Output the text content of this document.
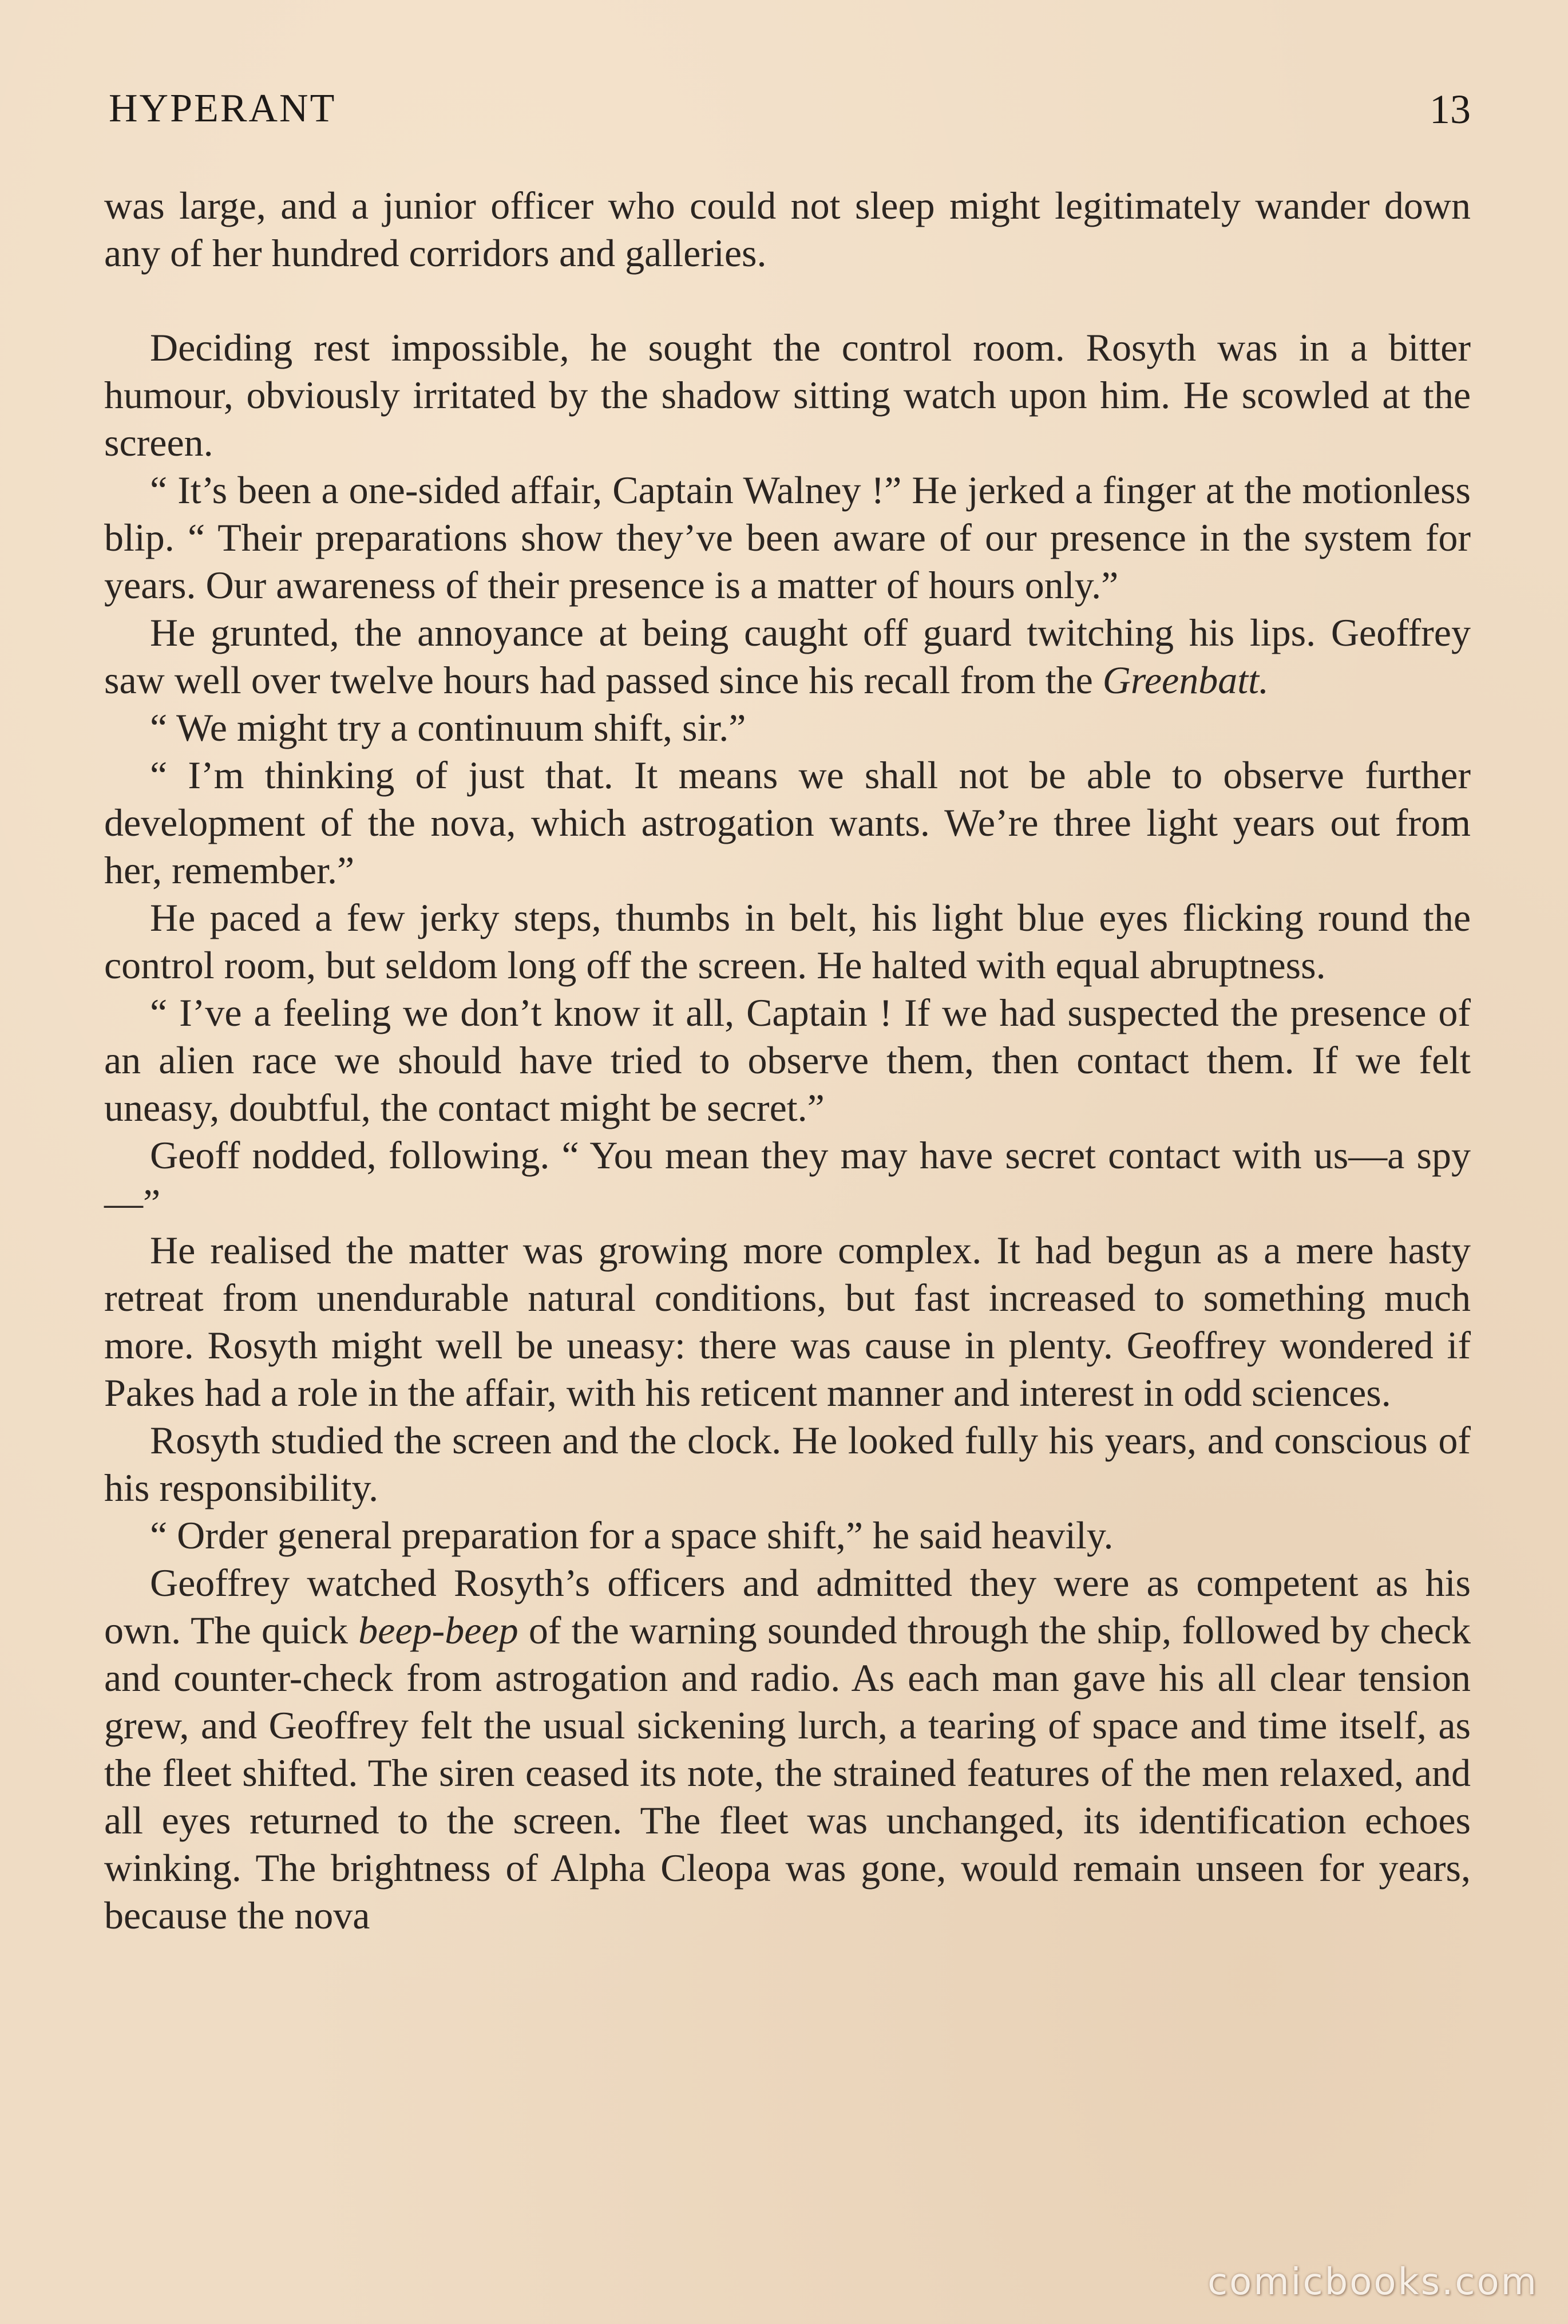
HYPERANT	13

was large, and a junior officer who could not sleep might legitimately wander down any of her hundred corridors and galleries.

Deciding rest impossible, he sought the control room. Rosyth was in a bitter humour, obviously irritated by the shadow sitting watch upon him. He scowled at the screen.

“ It’s been a one-sided affair, Captain Walney !” He jerked a finger at the motionless blip. “ Their preparations show they’ve been aware of our presence in the system for years. Our awareness of their presence is a matter of hours only.”

He grunted, the annoyance at being caught off guard twitching his lips. Geoffrey saw well over twelve hours had passed since his recall from the Greenbatt.

“ We might try a continuum shift, sir.”

“ I’m thinking of just that. It means we shall not be able to observe further development of the nova, which astrogation wants. We’re three light years out from her, remember.”

He paced a few jerky steps, thumbs in belt, his light blue eyes flicking round the control room, but seldom long off the screen. He halted with equal abruptness.

“ I’ve a feeling we don’t know it all, Captain ! If we had suspected the presence of an alien race we should have tried to observe them, then contact them. If we felt uneasy, doubtful, the contact might be secret.”

Geoff nodded, following. “ You mean they may have secret contact with us—a spy—”

He realised the matter was growing more complex. It had begun as a mere hasty retreat from unendurable natural conditions, but fast increased to something much more. Rosyth might well be uneasy: there was cause in plenty. Geoffrey wondered if Pakes had a role in the affair, with his reticent manner and interest in odd sciences.

Rosyth studied the screen and the clock. He looked fully his years, and conscious of his responsibility.

“ Order general preparation for a space shift,” he said heavily.

Geoffrey watched Rosyth’s officers and admitted they were as competent as his own. The quick beep-beep of the warning sounded through the ship, followed by check and counter-check from astrogation and radio. As each man gave his all clear tension grew, and Geoffrey felt the usual sickening lurch, a tearing of space and time itself, as the fleet shifted. The siren ceased its note, the strained features of the men relaxed, and all eyes returned to the screen. The fleet was unchanged, its identification echoes winking. The brightness of Alpha Cleopa was gone, would remain unseen for years, because the nova

comicbooks.com
